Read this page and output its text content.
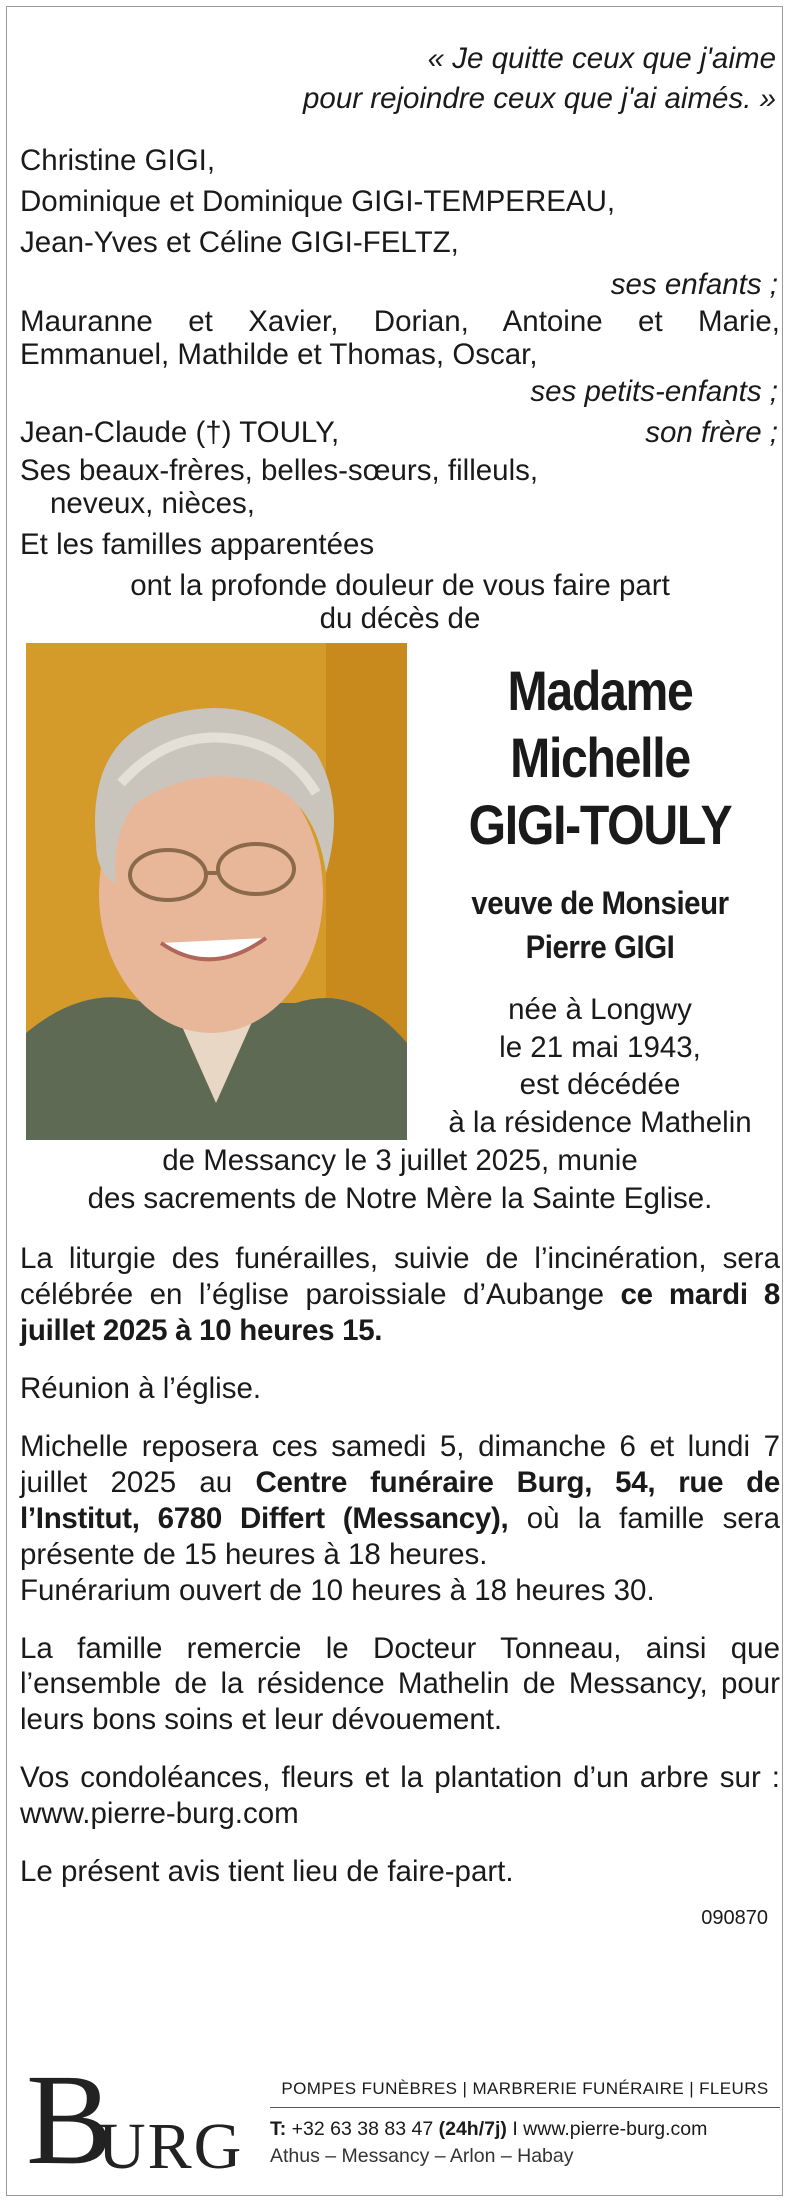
« Je quitte ceux que j'aime
pour rejoindre ceux que j'ai aimés. »
Christine GIGI,
Dominique et Dominique GIGI-TEMPEREAU,
Jean-Yves et Céline GIGI-FELTZ,
ses enfants ;
Mauranne et Xavier, Dorian, Antoine et Marie,
Emmanuel, Mathilde et Thomas, Oscar,
ses petits-enfants ;
Jean-Claude (†) TOULY,	son frère ;
Ses beaux-frères, belles-sœurs, filleuls,
neveux, nièces,
Et les familles apparentées
ont la profonde douleur de vous faire part
du décès de
Madame
Michelle
GIGI-TOULY
veuve de Monsieur
Pierre GIGI
née à Longwy
le 21 mai 1943,
est décédée
à la résidence Mathelin
de Messancy le 3 juillet 2025, munie
des sacrements de Notre Mère la Sainte Eglise.
La liturgie des funérailles, suivie de l’incinération, sera célébrée en l’église paroissiale d’Aubange ce mardi 8 juillet 2025 à 10 heures 15.
Réunion à l’église.
Michelle reposera ces samedi 5, dimanche 6 et lundi 7 juillet 2025 au Centre funéraire Burg, 54, rue de l’Institut, 6780 Differt (Messancy), où la famille sera présente de 15 heures à 18 heures.
Funérarium ouvert de 10 heures à 18 heures 30.
La famille remercie le Docteur Tonneau, ainsi que l’ensemble de la résidence Mathelin de Messancy, pour leurs bons soins et leur dévouement.
Vos condoléances, fleurs et la plantation d’un arbre sur : www.pierre-burg.com
Le présent avis tient lieu de faire-part.
090870
B
URG
POMPES FUNÈBRES | MARBRERIE FUNÉRAIRE | FLEURS
T: +32 63 38 83 47 (24h/7j) I www.pierre-burg.com
Athus – Messancy – Arlon – Habay
